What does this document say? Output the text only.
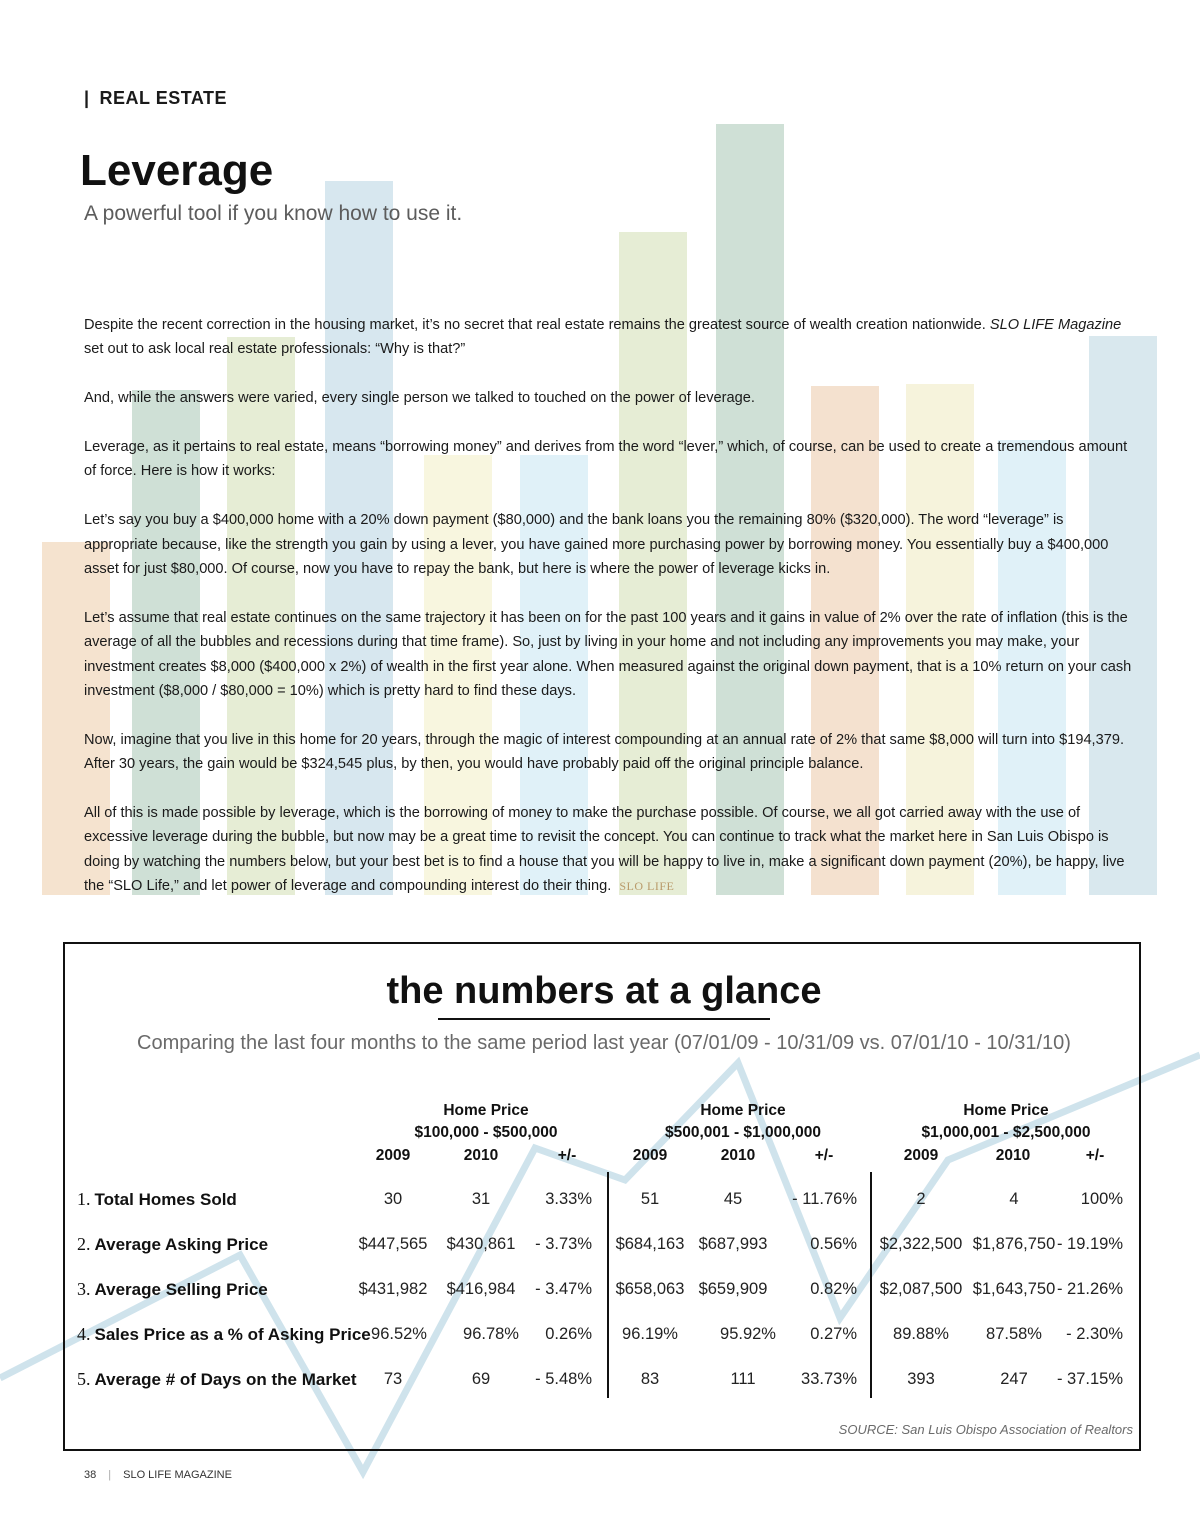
| REAL ESTATE
Leverage
A powerful tool if you know how to use it.

Despite the recent correction in the housing market, it’s no secret that real estate remains the greatest source of wealth creation nationwide. SLO LIFE Magazine set out to ask local real estate professionals: “Why is that?”

And, while the answers were varied, every single person we talked to touched on the power of leverage.

Leverage, as it pertains to real estate, means “borrowing money” and derives from the word “lever,” which, of course, can be used to create a tremendous amount of force. Here is how it works:

Let’s say you buy a $400,000 home with a 20% down payment ($80,000) and the bank loans you the remaining 80% ($320,000). The word “leverage” is appropriate because, like the strength you gain by using a lever, you have gained more purchasing power by borrowing money. You essentially buy a $400,000 asset for just $80,000. Of course, now you have to repay the bank, but here is where the power of leverage kicks in.

Let’s assume that real estate continues on the same trajectory it has been on for the past 100 years and it gains in value of 2% over the rate of inflation (this is the average of all the bubbles and recessions during that time frame). So, just by living in your home and not including any improvements you may make, your investment creates $8,000 ($400,000 x 2%) of wealth in the first year alone. When measured against the original down payment, that is a 10% return on your cash investment ($8,000 / $80,000 = 10%) which is pretty hard to find these days.

Now, imagine that you live in this home for 20 years, through the magic of interest compounding at an annual rate of 2% that same $8,000 will turn into $194,379. After 30 years, the gain would be $324,545 plus, by then, you would have probably paid off the original principle balance.

All of this is made possible by leverage, which is the borrowing of money to make the purchase possible. Of course, we all got carried away with the use of excessive leverage during the bubble, but now may be a great time to revisit the concept. You can continue to track what the market here in San Luis Obispo is doing by watching the numbers below, but your best bet is to find a house that you will be happy to live in, make a significant down payment (20%), be happy, live the “SLO Life,” and let power of leverage and compounding interest do their thing. SLO LIFE

the numbers at a glance
Comparing the last four months to the same period last year (07/01/09 - 10/31/09 vs. 07/01/10 - 10/31/10)
Home Price
$100,000 - $500,000
Home Price
$500,001 - $1,000,000
Home Price
$1,000,001 - $2,500,000
2009	2010	+/-	2009	2010	+/-	2009	2010	+/-
1. Total Homes Sold	30	31	3.33%	51	45	- 11.76%	2	4	100%
2. Average Asking Price	$447,565	$430,861	- 3.73%	$684,163 $687,993	0.56%	$2,322,500 $1,876,750 - 19.19%
3. Average Selling Price	$431,982	$416,984	- 3.47%	$658,063 $659,909	0.82%	$2,087,500 $1,643,750 - 21.26%
4. Sales Price as a % of Asking Price 96.52%	96.78%	0.26%	96.19%	95.92%	0.27%	89.88%	87.58%	- 2.30%
5. Average # of Days on the Market	73	69	- 5.48%	83	111	33.73%	393	247	- 37.15%
SOURCE: San Luis Obispo Association of Realtors
38 | SLO LIFE MAGAZINE
